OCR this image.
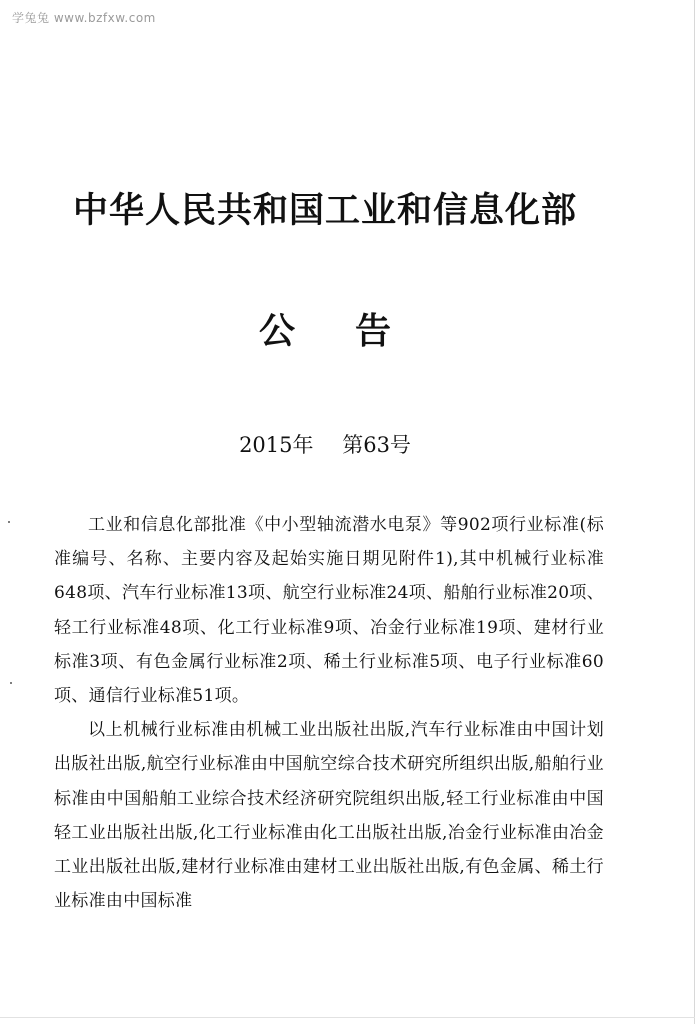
学兔兔 www.bzfxw.com
中华人民共和国工业和信息化部
公告
2015年 第63号

工业和信息化部批准《中小型轴流潜水电泵》等902项行业标准(标准编号、名称、主要内容及起始实施日期见附件1),其中机械行业标准648项、汽车行业标准13项、航空行业标准24项、船舶行业标准20项、轻工行业标准48项、化工行业标准9项、冶金行业标准19项、建材行业标准3项、有色金属行业标准2项、稀土行业标准5项、电子行业标准60项、通信行业标准51项。

以上机械行业标准由机械工业出版社出版,汽车行业标准由中国计划出版社出版,航空行业标准由中国航空综合技术研究所组织出版,船舶行业标准由中国船舶工业综合技术经济研究院组织出版,轻工行业标准由中国轻工业出版社出版,化工行业标准由化工出版社出版,冶金行业标准由冶金工业出版社出版,建材行业标准由建材工业出版社出版,有色金属、稀土行业标准由中国标准
